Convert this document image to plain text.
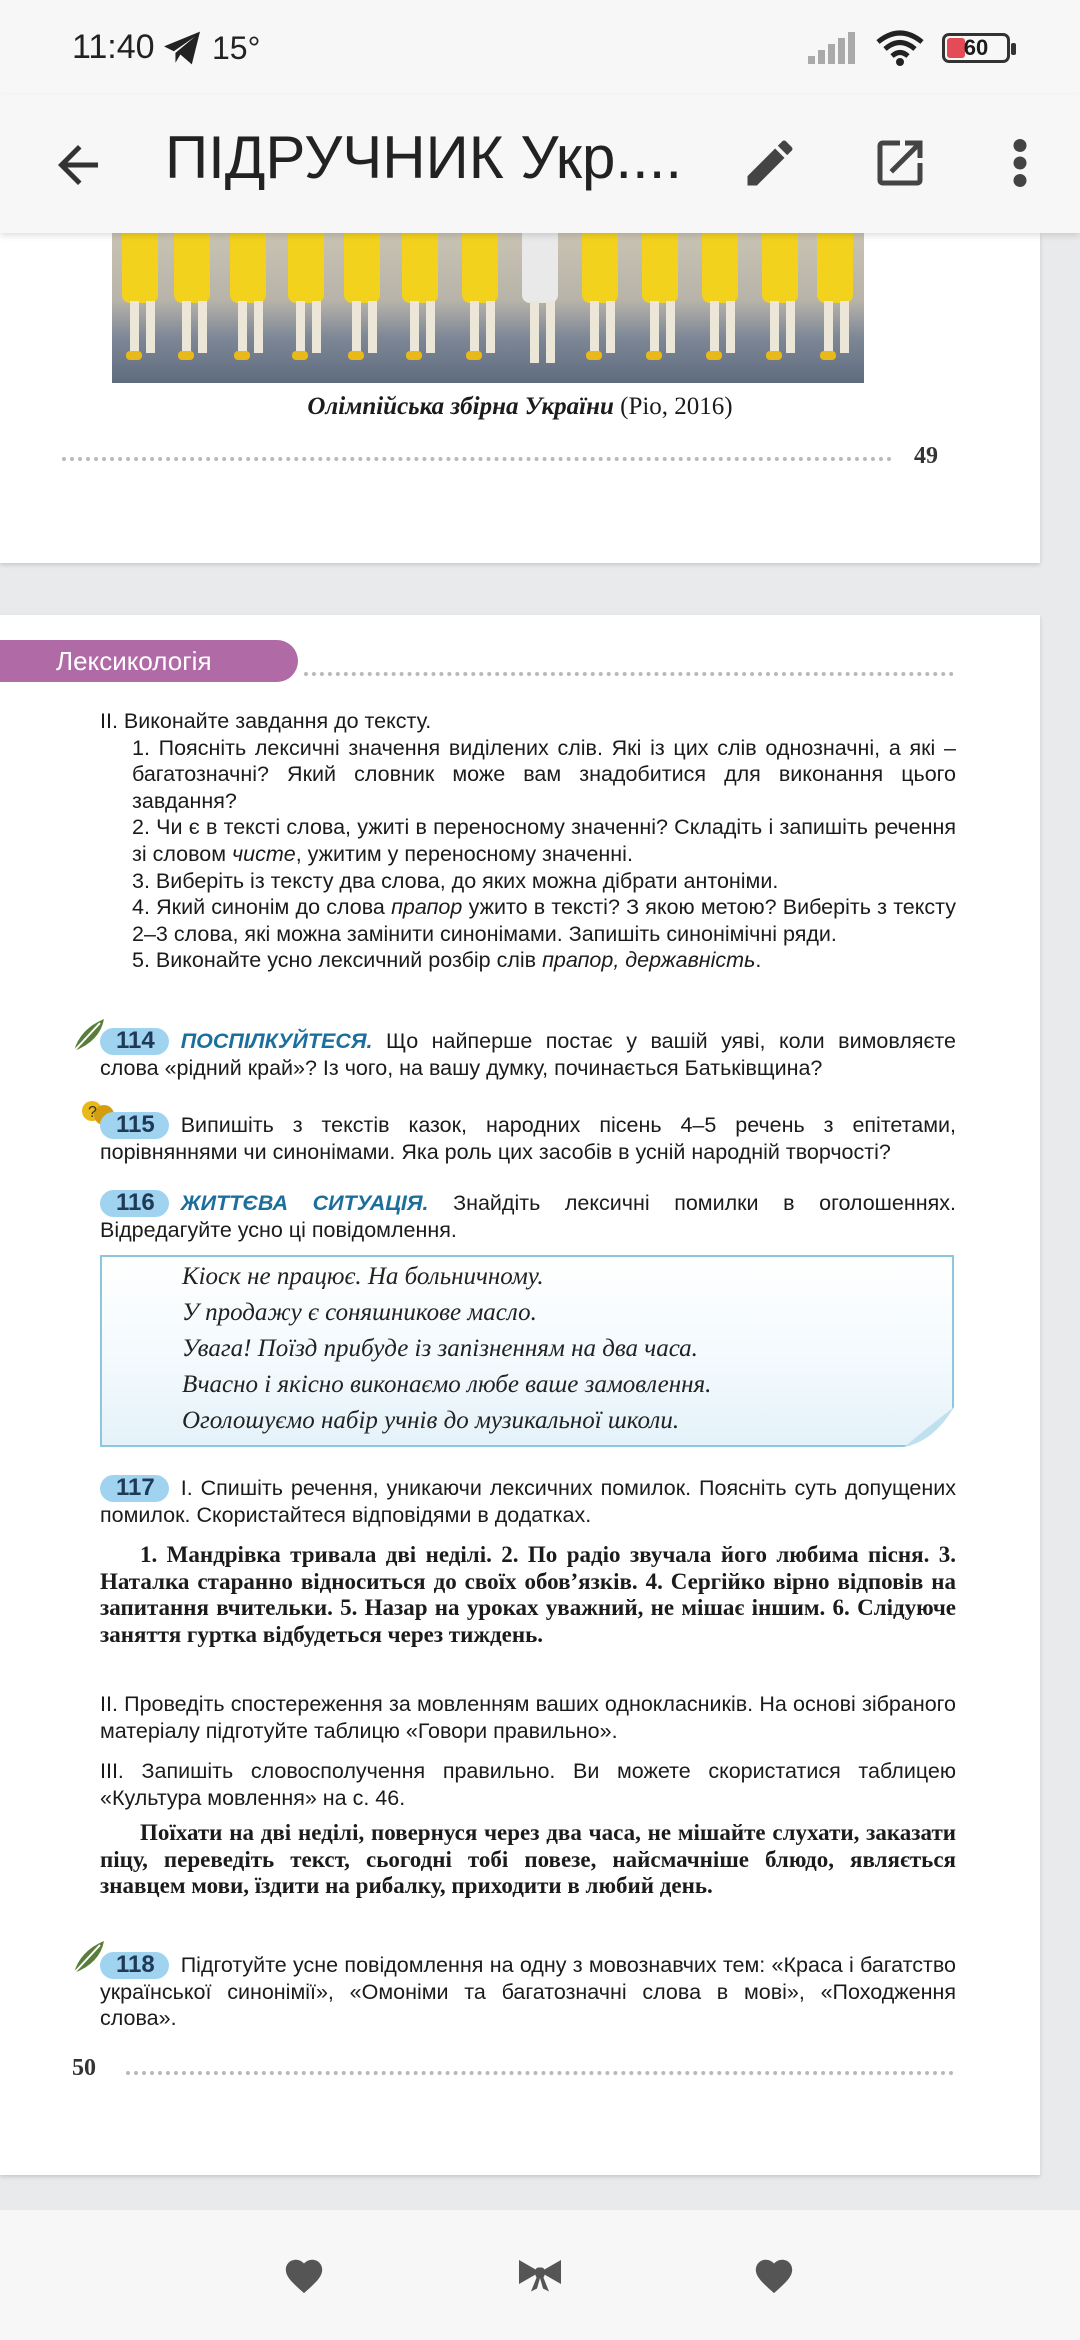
11:40 15°	60
ПІДРУЧНИК Укр....
Олімпійська збірна України (Ріо, 2016)
49
Лексикологія

ІІ. Виконайте завдання до тексту.

1. Поясніть лексичні значення виділених слів. Які із цих слів однозначні, а які – багатозначні? Який словник може вам знадобитися для виконання цього завдання?

2. Чи є в тексті слова, ужиті в переносному значенні? Складіть і запишіть речення зі словом чисте, ужитим у переносному значенні.

3. Виберіть із тексту два слова, до яких можна дібрати антоніми.

4. Який синонім до слова прапор ужито в тексті? З якою метою? Виберіть з тексту 2–3 слова, які можна замінити синонімами. Запишіть синонімічні ряди.

5. Виконайте усно лексичний розбір слів прапор, державність.

114 ПОСПІЛКУЙТЕСЯ. Що найперше постає у вашій уяві, коли вимовляєте слова «рідний край»? Із чого, на вашу думку, починається Батьківщина?
? 115 Випишіть з текстів казок, народних пісень 4–5 речень з епітетами, порівняннями чи синонімами. Яка роль цих засобів в усній народній творчості?
116 ЖИТТЄВА СИТУАЦІЯ. Знайдіть лексичні помилки в оголошеннях. Відредагуйте усно ці повідомлення.
Кіоск не працює. На больничному.
У продажу є соняшникове масло.
Увага! Поїзд прибуде із запізненням на два часа.
Вчасно і якісно виконаємо любе ваше замовлення.
Оголошуємо набір учнів до музикальної школи.
117 І. Спишіть речення, уникаючи лексичних помилок. Поясніть суть допущених помилок. Скористайтеся відповідями в додатках.
1. Мандрівка тривала дві неділі. 2. По радіо звучала його любима пісня. 3. Наталка старанно відноситься до своїх обов’язків. 4. Сергійко вірно відповів на запитання вчительки. 5. Назар на уроках уважний, не мішає іншим. 6. Слідуюче заняття гуртка відбудеться через тиждень.
ІІ. Проведіть спостереження за мовленням ваших однокласників. На основі зібраного матеріалу підготуйте таблицю «Говори правильно».
ІІІ. Запишіть словосполучення правильно. Ви можете скористатися таблицею «Культура мовлення» на с. 46.
Поїхати на дві неділі, повернуся через два часа, не мішайте слухати, заказати піцу, переведіть текст, сьогодні тобі повезе, найсмачніше блюдо, являється знавцем мови, їздити на рибалку, приходити в любий день.
118 Підготуйте усне повідомлення на одну з мовознавчих тем: «Краса і багатство української синонімії», «Омоніми та багатозначні слова в мові», «Походження слова».
50
